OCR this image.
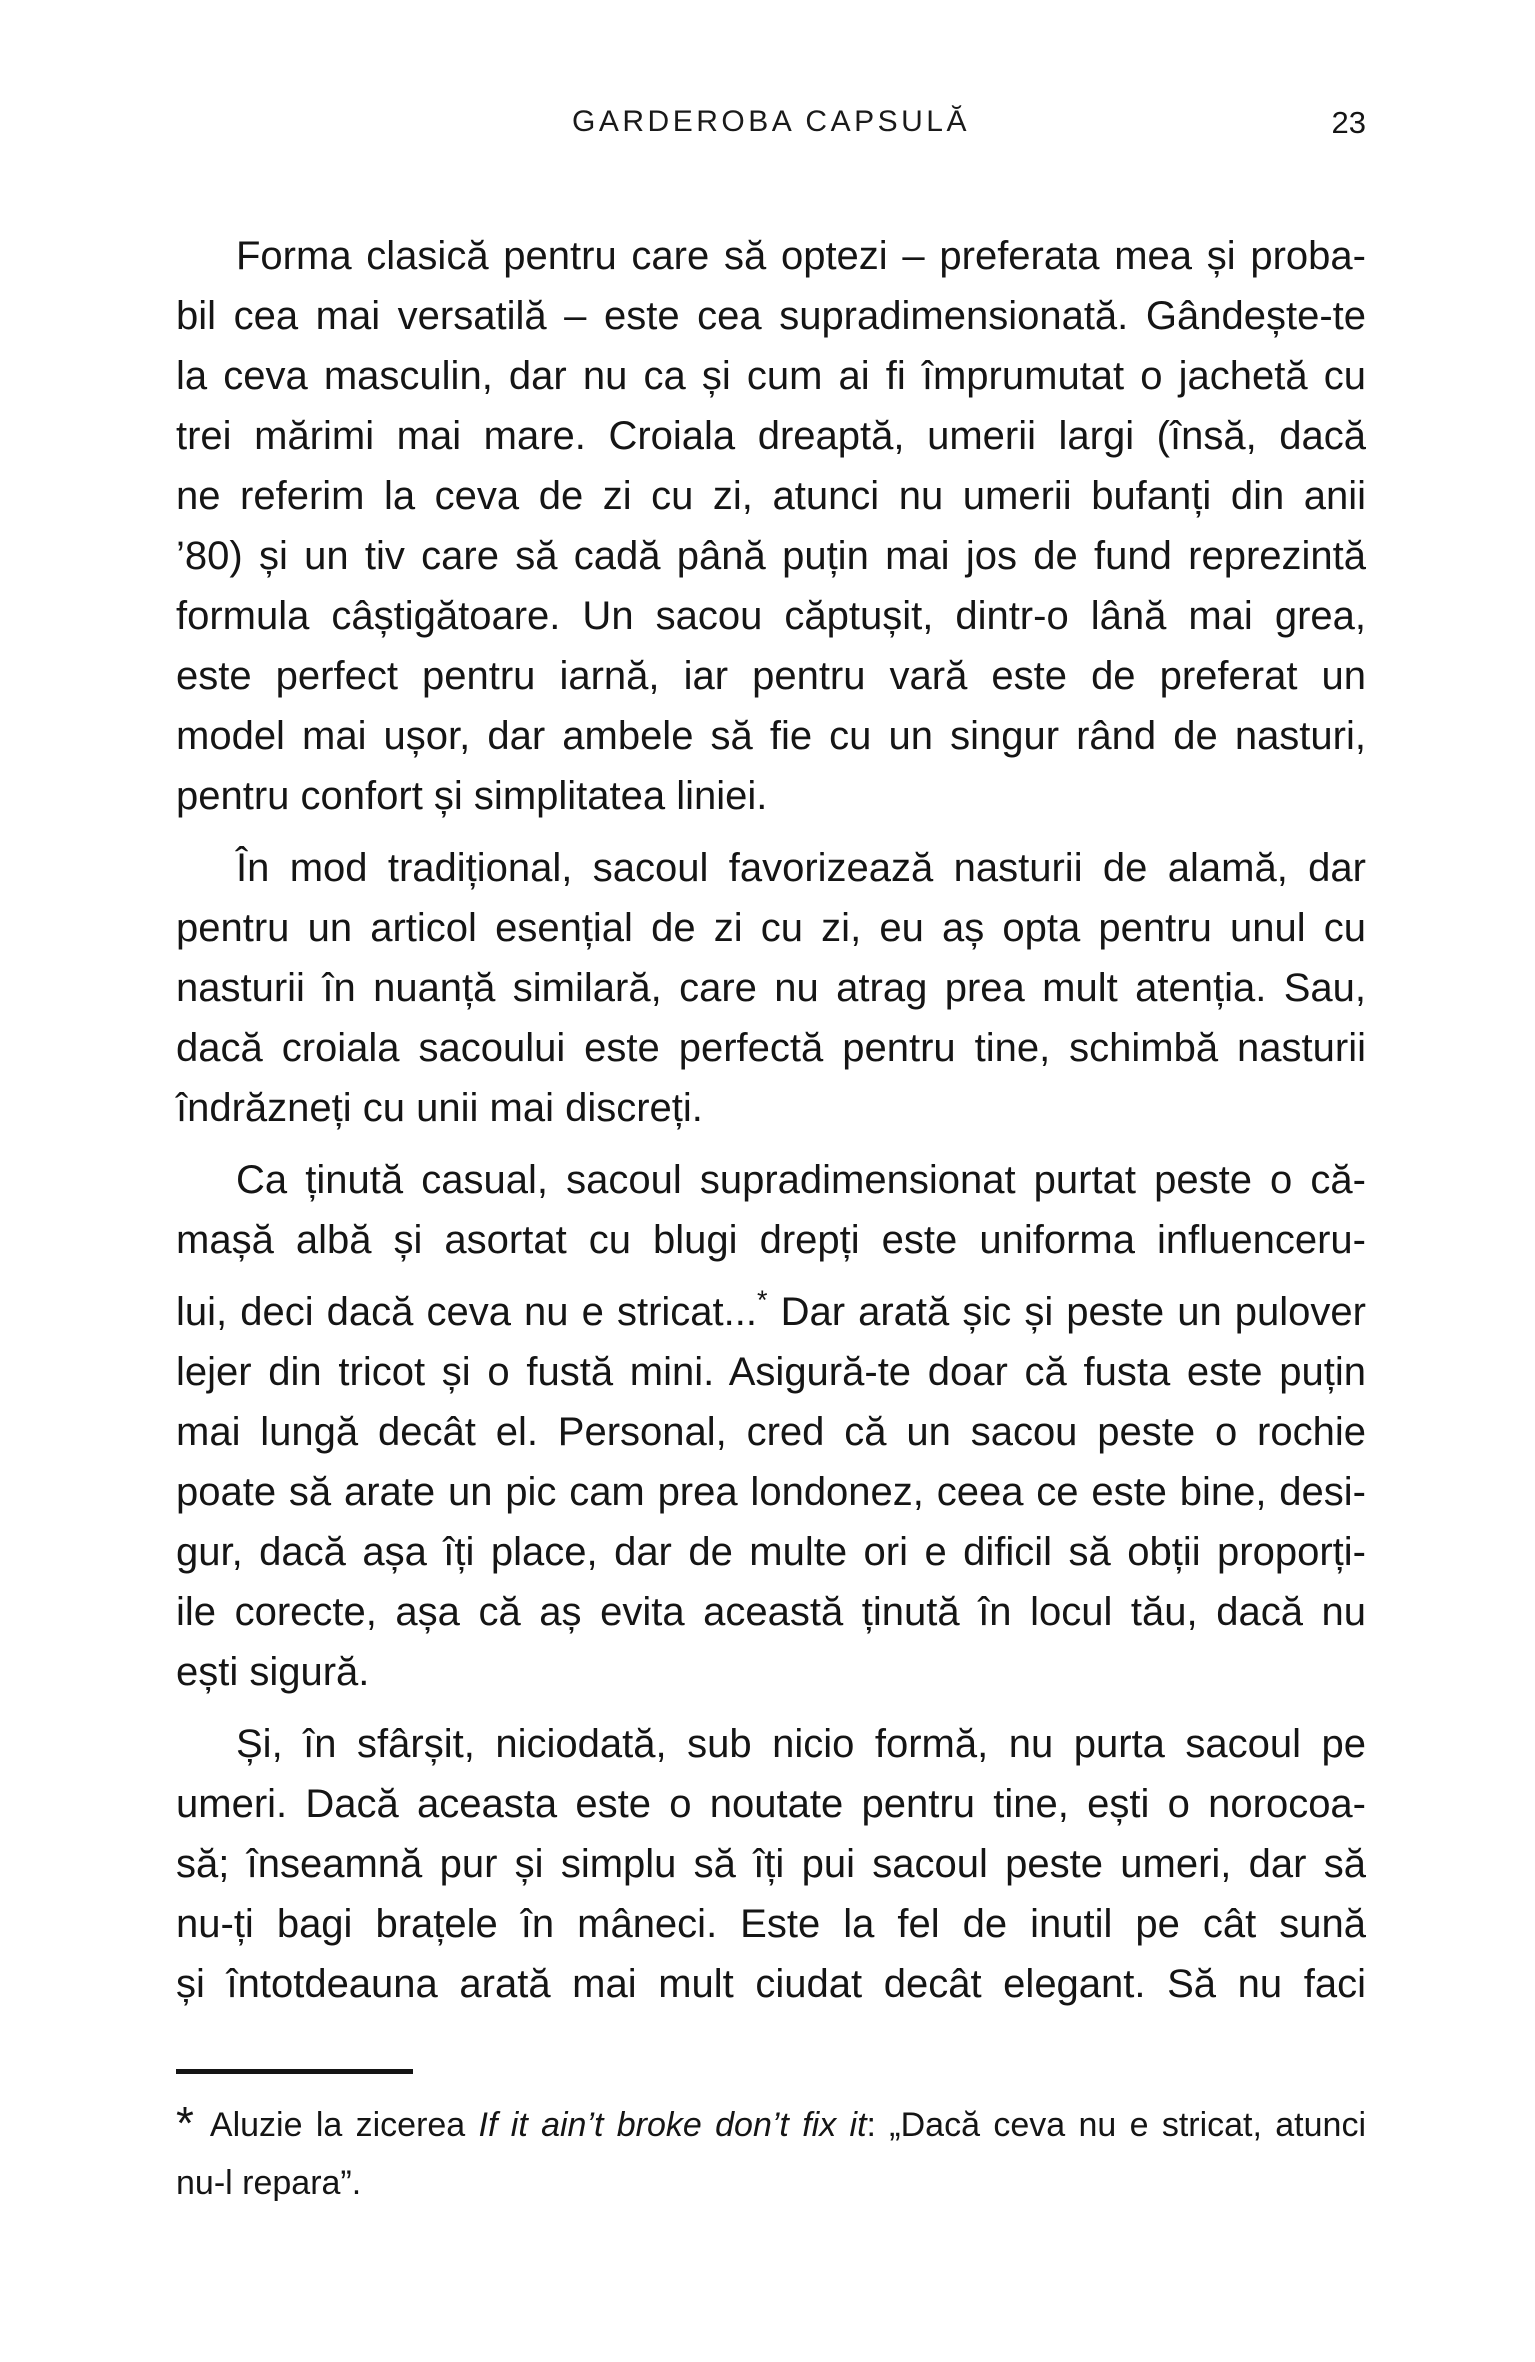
GARDEROBA CAPSULĂ	23
Forma clasică pentru care să optezi – preferata mea și proba-
bil cea mai versatilă – este cea supradimensionată. Gândește-te
la ceva masculin, dar nu ca și cum ai fi împrumutat o jachetă cu
trei mărimi mai mare. Croiala dreaptă, umerii largi (însă, dacă
ne referim la ceva de zi cu zi, atunci nu umerii bufanți din anii
’80) și un tiv care să cadă până puțin mai jos de fund reprezintă
formula câștigătoare. Un sacou căptușit, dintr-o lână mai grea,
este perfect pentru iarnă, iar pentru vară este de preferat un
model mai ușor, dar ambele să fie cu un singur rând de nasturi,
pentru confort și simplitatea liniei.
În mod tradițional, sacoul favorizează nasturii de alamă, dar
pentru un articol esențial de zi cu zi, eu aș opta pentru unul cu
nasturii în nuanță similară, care nu atrag prea mult atenția. Sau,
dacă croiala sacoului este perfectă pentru tine, schimbă nasturii
îndrăzneți cu unii mai discreți.
Ca ținută casual, sacoul supradimensionat purtat peste o că-
mașă albă și asortat cu blugi drepți este uniforma influenceru-
lui, deci dacă ceva nu e stricat...* Dar arată șic și peste un pulover
lejer din tricot și o fustă mini. Asigură-te doar că fusta este puțin
mai lungă decât el. Personal, cred că un sacou peste o rochie
poate să arate un pic cam prea londonez, ceea ce este bine, desi-
gur, dacă așa îți place, dar de multe ori e dificil să obții proporți-
ile corecte, așa că aș evita această ținută în locul tău, dacă nu
ești sigură.
Și, în sfârșit, niciodată, sub nicio formă, nu purta sacoul pe
umeri. Dacă aceasta este o noutate pentru tine, ești o norocoa-
să; înseamnă pur și simplu să îți pui sacoul peste umeri, dar să
nu-ți bagi brațele în mâneci. Este la fel de inutil pe cât sună
și întotdeauna arată mai mult ciudat decât elegant. Să nu faci
* Aluzie la zicerea If it ain’t broke don’t fix it: „Dacă ceva nu e stricat, atunci
nu-l repara”.
